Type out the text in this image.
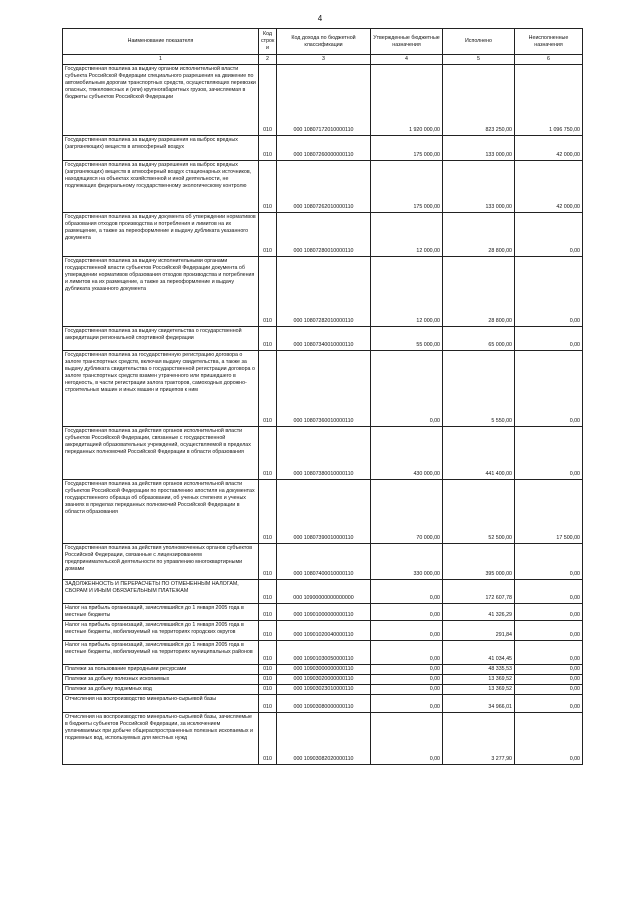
4
Наименование показателя	Код строк и	Код дохода по бюджетной классификации	Утвержденные бюджетные назначения	Исполнено	Неисполненные назначения
1	2	3	4	5	6
Государственная пошлина за выдачу органом исполнительной власти субъекта Российской Федерации специального разрешения на движение по автомобильным дорогам транспортных средств, осуществляющих перевозки опасных, тяжеловесных и (или) крупногабаритных грузов, зачисляемая в бюджеты субъектов Российской Федерации	010	000 10807172010000110	1 920 000,00	823 250,00	1 096 750,00
Государственная пошлина за выдачу разрешения на выброс вредных (загрязняющих) веществ в атмосферный воздух	010	000 10807260000000110	175 000,00	133 000,00	42 000,00
Государственная пошлина за выдачу разрешения на выброс вредных (загрязняющих) веществ в атмосферный воздух стационарных источников, находящихся на объектах хозяйственной и иной деятельности, не подлежащих федеральному государственному экологическому контролю	010	000 10807262010000110	175 000,00	133 000,00	42 000,00
Государственная пошлина за выдачу документа об утверждении нормативов образования отходов производства и потребления и лимитов на их размещение, а также за переоформление и выдачу дубликата указанного документа	010	000 10807280010000110	12 000,00	28 800,00	0,00
Государственная пошлина за выдачу исполнительными органами государственной власти субъектов Российской Федерации документа об утверждении нормативов образования отходов производства и потребления и лимитов на их размещение, а также за переоформление и выдачу дубликата указанного документа	010	000 10807282010000110	12 000,00	28 800,00	0,00
Государственная пошлина за выдачу свидетельства о государственной аккредитации региональной спортивной федерации	010	000 10807340010000110	55 000,00	65 000,00	0,00
Государственная пошлина за государственную регистрацию договора о залоге транспортных средств, включая выдачу свидетельства, а также за выдачу дубликата свидетельства о государственной регистрации договора о залоге транспортных средств взамен утраченного или пришедшего в негодность, в части регистрации залога тракторов, самоходных дорожно-строительных машин и иных машин и прицепов к ним	010	000 10807360010000110	0,00	5 550,00	0,00
Государственная пошлина за действия органов исполнительной власти субъектов Российской Федерации, связанные с государственной аккредитацией образовательных учреждений, осуществляемой в пределах переданных полномочий Российской Федерации в области образования	010	000 10807380010000110	430 000,00	441 400,00	0,00
Государственная пошлина за действия органов исполнительной власти субъектов Российской Федерации по проставлению апостиля на документах государственного образца об образовании, об ученых степенях и ученых званиях в пределах переданных полномочий Российской Федерации в области образования	010	000 10807390010000110	70 000,00	52 500,00	17 500,00
Государственная пошлина за действия уполномоченных органов субъектов Российской Федерации, связанные с лицензированием предпринимательской деятельности по управлению многоквартирными домами	010	000 10807400010000110	330 000,00	395 000,00	0,00
ЗАДОЛЖЕННОСТЬ И ПЕРЕРАСЧЕТЫ ПО ОТМЕНЕННЫМ НАЛОГАМ, СБОРАМ И ИНЫМ ОБЯЗАТЕЛЬНЫМ ПЛАТЕЖАМ	010	000 10900000000000000	0,00	172 607,78	0,00
Налог на прибыль организаций, зачислявшийся до 1 января 2005 года в местные бюджеты	010	000 10901000000000110	0,00	41 326,29	0,00
Налог на прибыль организаций, зачислявшийся до 1 января 2005 года в местные бюджеты, мобилизуемый на территориях городских округов	010	000 10901020040000110	0,00	291,84	0,00
Налог на прибыль организаций, зачислявшийся до 1 января 2005 года в местные бюджеты, мобилизуемый на территориях муниципальных районов	010	000 10901030050000110	0,00	41 034,45	0,00
Платежи за пользование природными ресурсами	010	000 10903000000000110	0,00	48 335,53	0,00
Платежи за добычу полезных ископаемых	010	000 10903020000000110	0,00	13 369,52	0,00
Платежи за добычу подземных вод	010	000 10903023010000110	0,00	13 369,52	0,00
Отчисления на воспроизводство минерально-сырьевой базы	010	000 10903080000000110	0,00	34 966,01	0,00
Отчисления на воспроизводство минерально-сырьевой базы, зачисляемые в бюджеты субъектов Российской Федерации, за исключением уплачиваемых при добыче общераспространенных полезных ископаемых и подземных вод, используемых для местных нужд	010	000 10903082020000110	0,00	3 277,90	0,00
